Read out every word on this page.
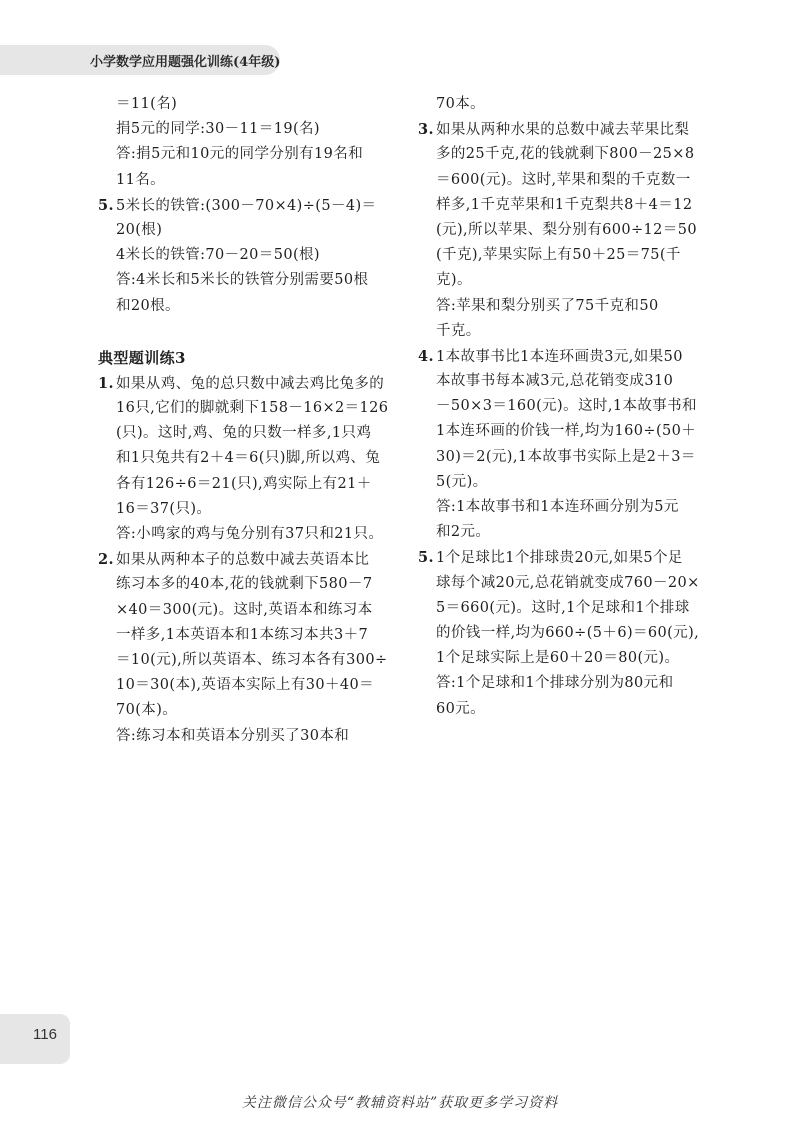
小学数学应用题强化训练(4年级)
＝11(名)
捐5元的同学:30－11＝19(名)
答:捐5元和10元的同学分别有19名和
11名。
5. 5米长的铁管:(300－70×4)÷(5－4)＝
20(根)
4米长的铁管:70－20＝50(根)
答:4米长和5米长的铁管分别需要50根
和20根。
典型题训练3
1. 如果从鸡、兔的总只数中减去鸡比兔多的
16只,它们的脚就剩下158－16×2＝126
(只)。这时,鸡、兔的只数一样多,1只鸡
和1只兔共有2＋4＝6(只)脚,所以鸡、兔
各有126÷6＝21(只),鸡实际上有21＋
16＝37(只)。
答:小鸣家的鸡与兔分别有37只和21只。
2. 如果从两种本子的总数中减去英语本比
练习本多的40本,花的钱就剩下580－7
×40＝300(元)。这时,英语本和练习本
一样多,1本英语本和1本练习本共3＋7
＝10(元),所以英语本、练习本各有300÷
10＝30(本),英语本实际上有30＋40＝
70(本)。
答:练习本和英语本分别买了30本和
70本。
3. 如果从两种水果的总数中减去苹果比梨
多的25千克,花的钱就剩下800－25×8
＝600(元)。这时,苹果和梨的千克数一
样多,1千克苹果和1千克梨共8＋4＝12
(元),所以苹果、梨分别有600÷12＝50
(千克),苹果实际上有50＋25＝75(千
克)。
答:苹果和梨分别买了75千克和50
千克。
4. 1本故事书比1本连环画贵3元,如果50
本故事书每本减3元,总花销变成310
－50×3＝160(元)。这时,1本故事书和
1本连环画的价钱一样,均为160÷(50＋
30)＝2(元),1本故事书实际上是2＋3＝
5(元)。
答:1本故事书和1本连环画分别为5元
和2元。
5. 1个足球比1个排球贵20元,如果5个足
球每个减20元,总花销就变成760－20×
5＝660(元)。这时,1个足球和1个排球
的价钱一样,均为660÷(5＋6)＝60(元),
1个足球实际上是60＋20＝80(元)。
答:1个足球和1个排球分别为80元和
60元。
116
关注微信公众号“教辅资料站”获取更多学习资料
